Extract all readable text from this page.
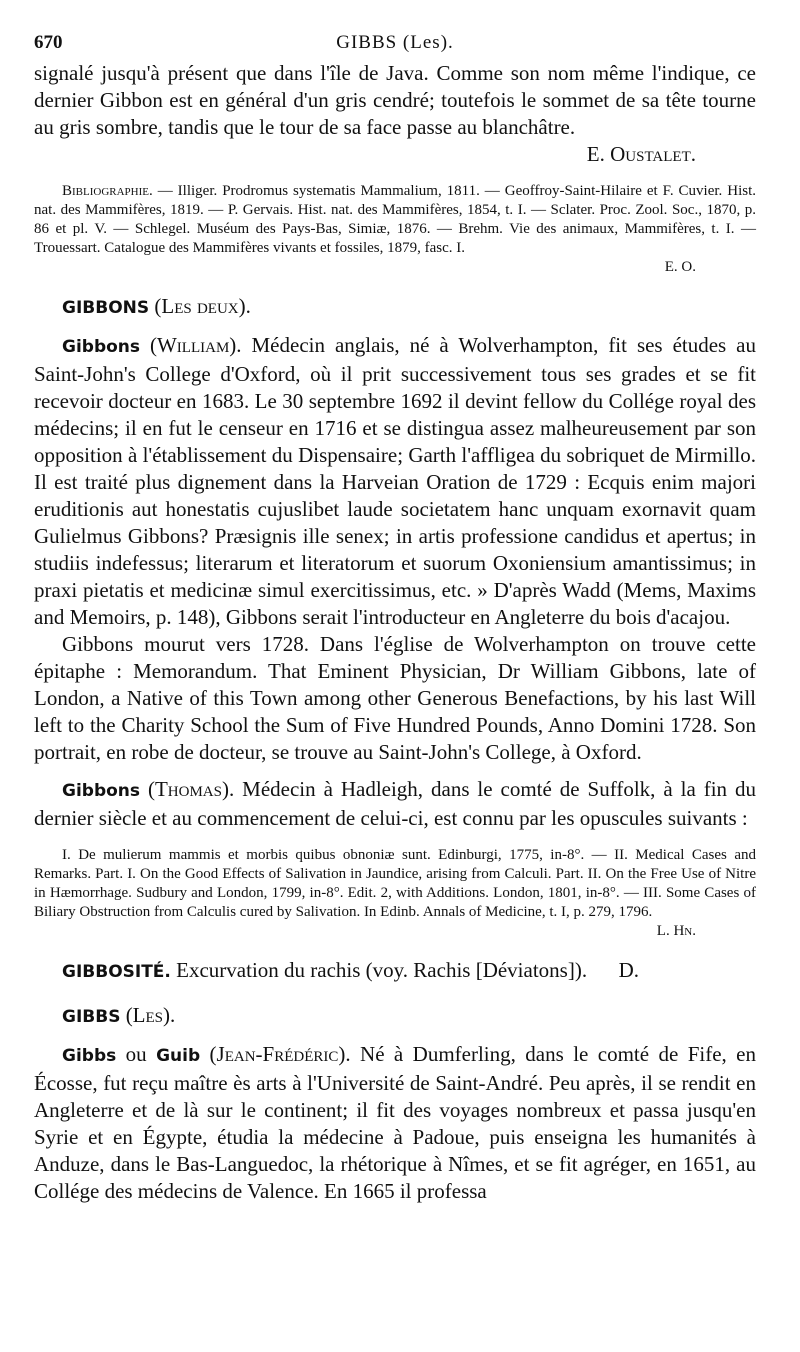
670	GIBBS (Les).

signalé jusqu'à présent que dans l'île de Java. Comme son nom même l'indique, ce dernier Gibbon est en général d'un gris cendré; toutefois le sommet de sa tête tourne au gris sombre, tandis que le tour de sa face passe au blanchâtre.

E. Oustalet.

Bibliographie. — Illiger. Prodromus systematis Mammalium, 1811. — Geoffroy-Saint-Hilaire et F. Cuvier. Hist. nat. des Mammifères, 1819. — P. Gervais. Hist. nat. des Mammifères, 1854, t. I. — Sclater. Proc. Zool. Soc., 1870, p. 86 et pl. V. — Schlegel. Muséum des Pays-Bas, Simiæ, 1876. — Brehm. Vie des animaux, Mammifères, t. I. — Trouessart. Catalogue des Mammifères vivants et fossiles, 1879, fasc. I.

E. O.

GIBBONS (Les deux).

Gibbons (William). Médecin anglais, né à Wolverhampton, fit ses études au Saint-John's College d'Oxford, où il prit successivement tous ses grades et se fit recevoir docteur en 1683. Le 30 septembre 1692 il devint fellow du Collége royal des médecins; il en fut le censeur en 1716 et se distingua assez malheureusement par son opposition à l'établissement du Dispensaire; Garth l'affligea du sobriquet de Mirmillo. Il est traité plus dignement dans la Harveian Oration de 1729 : Ecquis enim majori eruditionis aut honestatis cujuslibet laude societatem hanc unquam exornavit quam Gulielmus Gibbons? Præsignis ille senex; in artis professione candidus et apertus; in studiis indefessus; literarum et literatorum et suorum Oxoniensium amantissimus; in praxi pietatis et medicinæ simul exercitissimus, etc. » D'après Wadd (Mems, Maxims and Memoirs, p. 148), Gibbons serait l'introducteur en Angleterre du bois d'acajou.

Gibbons mourut vers 1728. Dans l'église de Wolverhampton on trouve cette épitaphe : Memorandum. That Eminent Physician, Dr William Gibbons, late of London, a Native of this Town among other Generous Benefactions, by his last Will left to the Charity School the Sum of Five Hundred Pounds, Anno Domini 1728. Son portrait, en robe de docteur, se trouve au Saint-John's College, à Oxford.

Gibbons (Thomas). Médecin à Hadleigh, dans le comté de Suffolk, à la fin du dernier siècle et au commencement de celui-ci, est connu par les opuscules suivants :

I. De mulierum mammis et morbis quibus obnoniæ sunt. Edinburgi, 1775, in-8°. — II. Medical Cases and Remarks. Part. I. On the Good Effects of Salivation in Jaundice, arising from Calculi. Part. II. On the Free Use of Nitre in Hæmorrhage. Sudbury and London, 1799, in-8°. Edit. 2, with Additions. London, 1801, in-8°. — III. Some Cases of Biliary Obstruction from Calculis cured by Salivation. In Edinb. Annals of Medicine, t. I, p. 279, 1796.

L. Hn.

GIBBOSITÉ. Excurvation du rachis (voy. Rachis [Déviatons]). D.

GIBBS (Les).

Gibbs ou Guib (Jean-Frédéric). Né à Dumferling, dans le comté de Fife, en Écosse, fut reçu maître ès arts à l'Université de Saint-André. Peu après, il se rendit en Angleterre et de là sur le continent; il fit des voyages nombreux et passa jusqu'en Syrie et en Égypte, étudia la médecine à Padoue, puis enseigna les humanités à Anduze, dans le Bas-Languedoc, la rhétorique à Nîmes, et se fit agréger, en 1651, au Collége des médecins de Valence. En 1665 il professa
